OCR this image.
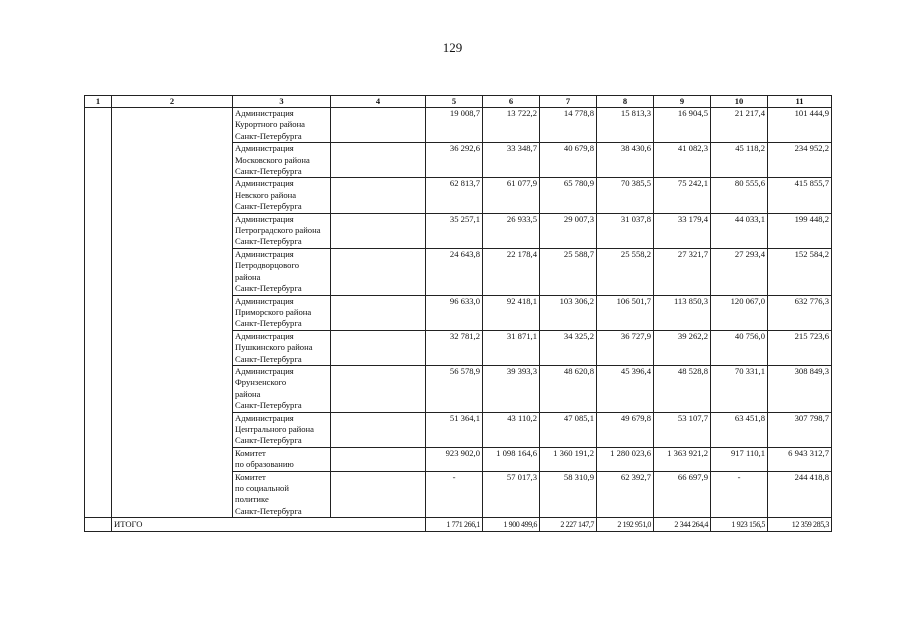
129
1	2	3	4	5	6	7	8	9	10	11
		Администрация
Курортного района
Санкт-Петербурга		19 008,7	13 722,2	14 778,8	15 813,3	16 904,5	21 217,4	101 444,9
		Администрация
Московского района
Санкт-Петербурга		36 292,6	33 348,7	40 679,8	38 430,6	41 082,3	45 118,2	234 952,2
		Администрация
Невского района
Санкт-Петербурга		62 813,7	61 077,9	65 780,9	70 385,5	75 242,1	80 555,6	415 855,7
		Администрация
Петроградского района
Санкт-Петербурга		35 257,1	26 933,5	29 007,3	31 037,8	33 179,4	44 033,1	199 448,2
		Администрация
Петродворцового
района
Санкт-Петербурга		24 643,8	22 178,4	25 588,7	25 558,2	27 321,7	27 293,4	152 584,2
		Администрация
Приморского района
Санкт-Петербурга		96 633,0	92 418,1	103 306,2	106 501,7	113 850,3	120 067,0	632 776,3
		Администрация
Пушкинского района
Санкт-Петербурга		32 781,2	31 871,1	34 325,2	36 727,9	39 262,2	40 756,0	215 723,6
		Администрация
Фрунзенского
района
Санкт-Петербурга		56 578,9	39 393,3	48 620,8	45 396,4	48 528,8	70 331,1	308 849,3
		Администрация
Центрального района
Санкт-Петербурга		51 364,1	43 110,2	47 085,1	49 679,8	53 107,7	63 451,8	307 798,7
		Комитет
по образованию		923 902,0	1 098 164,6	1 360 191,2	1 280 023,6	1 363 921,2	917 110,1	6 943 312,7
		Комитет
по социальной
политике
Санкт-Петербурга		-	57 017,3	58 310,9	62 392,7	66 697,9	-	244 418,8
	ИТОГО			1 771 266,1	1 900 499,6	2 227 147,7	2 192 951,0	2 344 264,4	1 923 156,5	12 359 285,3
